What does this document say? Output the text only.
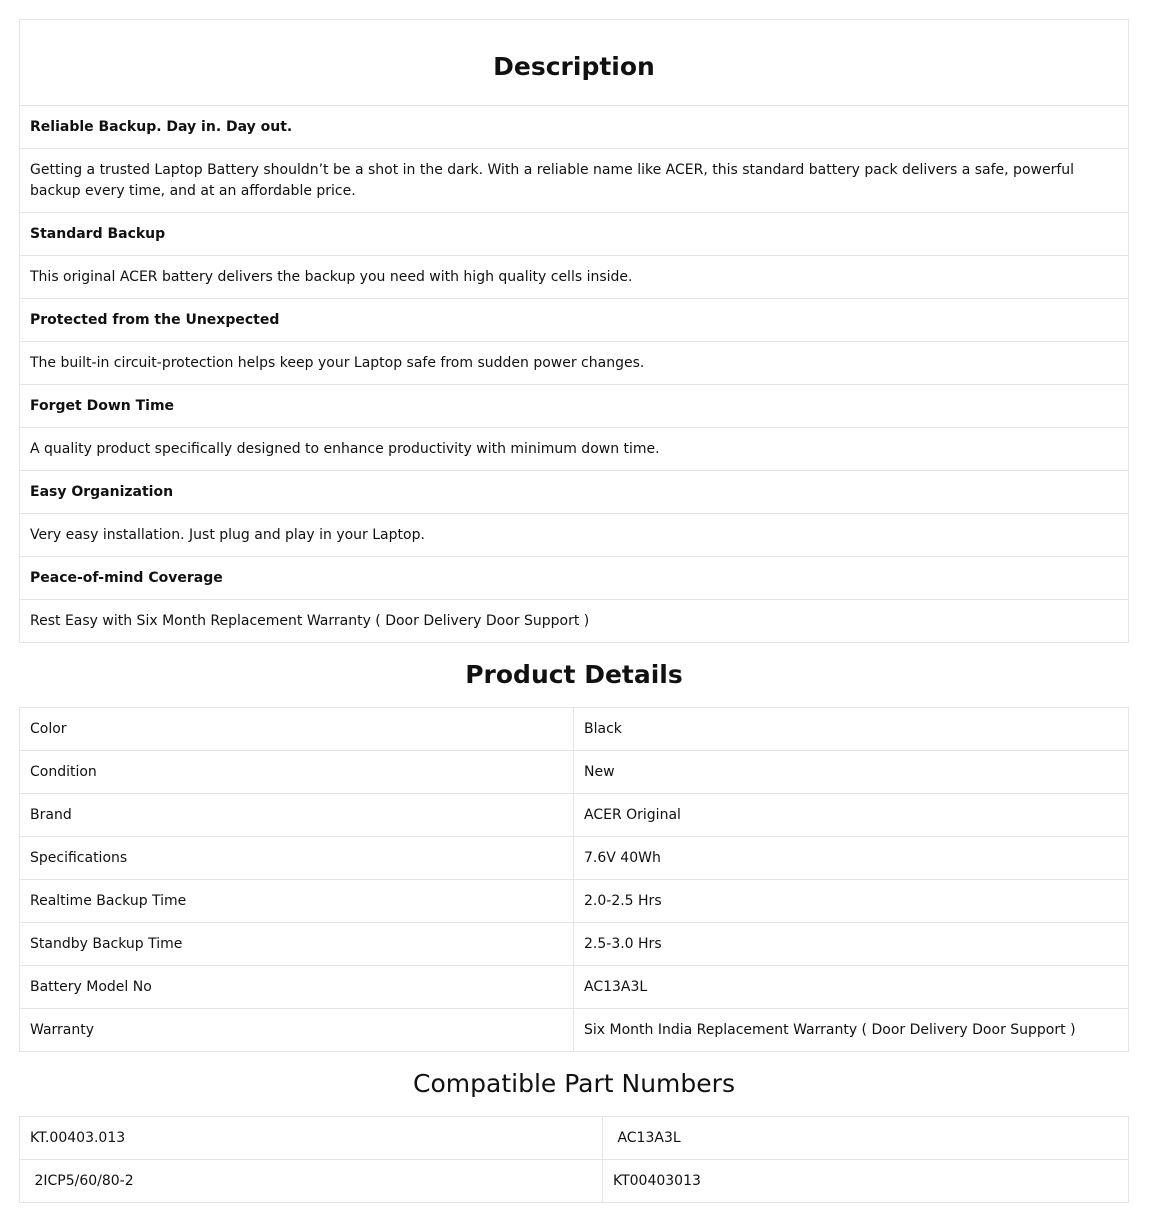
Description
Reliable Backup. Day in. Day out.
Getting a trusted Laptop Battery shouldn’t be a shot in the dark. With a reliable name like ACER, this standard battery pack delivers a safe, powerful backup every time, and at an affordable price.
Standard Backup
This original ACER battery delivers the backup you need with high quality cells inside.
Protected from the Unexpected
The built-in circuit-protection helps keep your Laptop safe from sudden power changes.
Forget Down Time
A quality product specifically designed to enhance productivity with minimum down time.
Easy Organization
Very easy installation. Just plug and play in your Laptop.
Peace-of-mind Coverage
Rest Easy with Six Month Replacement Warranty ( Door Delivery Door Support )
Product Details
Color	Black
Condition	New
Brand	ACER Original
Specifications	7.6V 40Wh
Realtime Backup Time	2.0-2.5 Hrs
Standby Backup Time	2.5-3.0 Hrs
Battery Model No	AC13A3L
Warranty	Six Month India Replacement Warranty ( Door Delivery Door Support )
Compatible Part Numbers
KT.00403.013	AC13A3L
2ICP5/60/80-2	KT00403013
